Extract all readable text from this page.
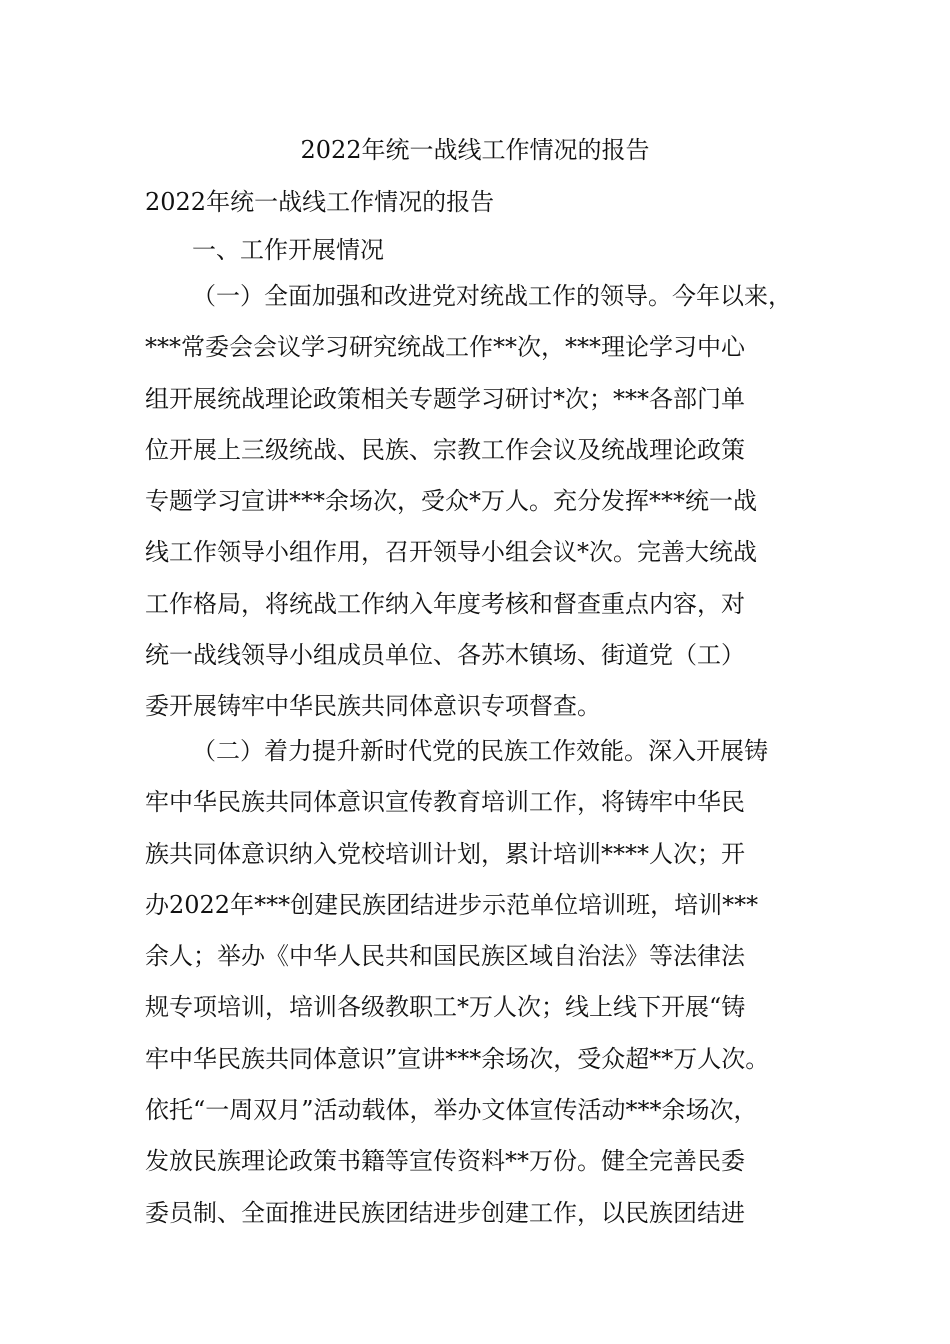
2022年统一战线工作情况的报告

2022年统一战线工作情况的报告

一、工作开展情况

（一）全面加强和改进党对统战工作的领导。今年以来，
***常委会会议学习研究统战工作**次，***理论学习中心
组开展统战理论政策相关专题学习研讨*次；***各部门单
位开展上三级统战、民族、宗教工作会议及统战理论政策
专题学习宣讲***余场次，受众*万人。充分发挥***统一战
线工作领导小组作用，召开领导小组会议*次。完善大统战
工作格局，将统战工作纳入年度考核和督查重点内容，对
统一战线领导小组成员单位、各苏木镇场、街道党（工）
委开展铸牢中华民族共同体意识专项督查。
（二）着力提升新时代党的民族工作效能。深入开展铸
牢中华民族共同体意识宣传教育培训工作，将铸牢中华民
族共同体意识纳入党校培训计划，累计培训****人次；开
办2022年***创建民族团结进步示范单位培训班，培训***
余人；举办《中华人民共和国民族区域自治法》等法律法
规专项培训，培训各级教职工*万人次；线上线下开展“铸
牢中华民族共同体意识”宣讲***余场次，受众超**万人次。
依托“一周双月”活动载体，举办文体宣传活动***余场次，
发放民族理论政策书籍等宣传资料**万份。健全完善民委
委员制、全面推进民族团结进步创建工作，以民族团结进
